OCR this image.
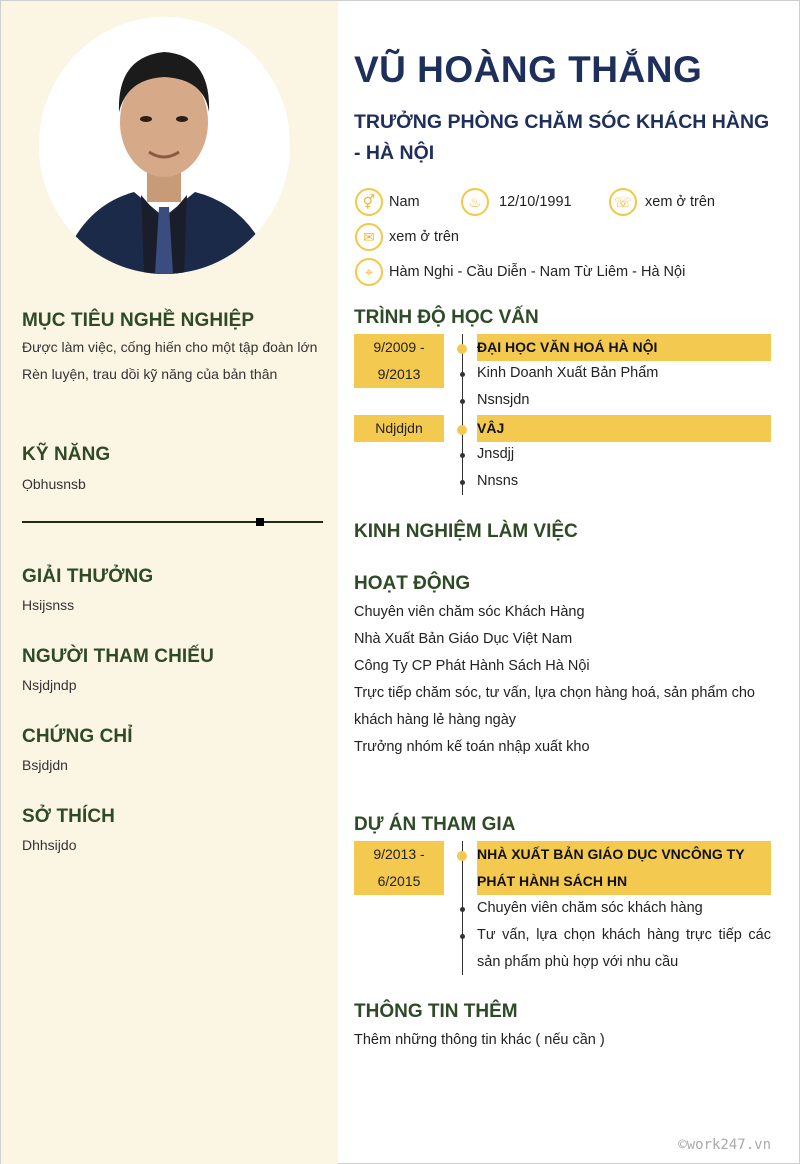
MỤC TIÊU NGHỀ NGHIỆP
Được làm việc, cống hiến cho một tập đoàn lớn
Rèn luyện, trau dồi kỹ năng của bản thân
KỸ NĂNG
Ọbhusnsb
GIẢI THƯỞNG
Hsijsnss
NGƯỜI THAM CHIẾU
Nsjdjndp
CHỨNG CHỈ
Bsjdjdn
SỞ THÍCH
Dhhsijdo
VŨ HOÀNG THẮNG
TRƯỞNG PHÒNG CHĂM SÓC KHÁCH HÀNG - HÀ NỘI
⚥ Nam	♨	12/10/1991	☏ xem ở trên
✉ xem ở trên
⌖	Hàm Nghi - Cầu Diễn - Nam Từ Liêm - Hà Nội
TRÌNH ĐỘ HỌC VẤN
9/2009 -
9/2013
ĐẠI HỌC VĂN HOÁ HÀ NỘI
Kinh Doanh Xuất Bản Phẩm
Nsnsjdn
Ndjdjdn	VÂJ
Jnsdjj
Nnsns
KINH NGHIỆM LÀM VIỆC
HOẠT ĐỘNG
Chuyên viên chăm sóc Khách Hàng
Nhà Xuất Bản Giáo Dục Việt Nam
Công Ty CP Phát Hành Sách Hà Nội
Trực tiếp chăm sóc, tư vấn, lựa chọn hàng hoá, sản phẩm cho khách hàng lẻ hàng ngày
Trưởng nhóm kế toán nhập xuất kho
DỰ ÁN THAM GIA
9/2013 -
6/2015
NHÀ XUẤT BẢN GIÁO DỤC VNCÔNG TY PHÁT HÀNH SÁCH HN
Chuyên viên chăm sóc khách hàng
Tư vấn, lựa chọn khách hàng trực tiếp các sản phẩm phù hợp với nhu cầu
THÔNG TIN THÊM
Thêm những thông tin khác ( nếu cần )
©work247.vn
